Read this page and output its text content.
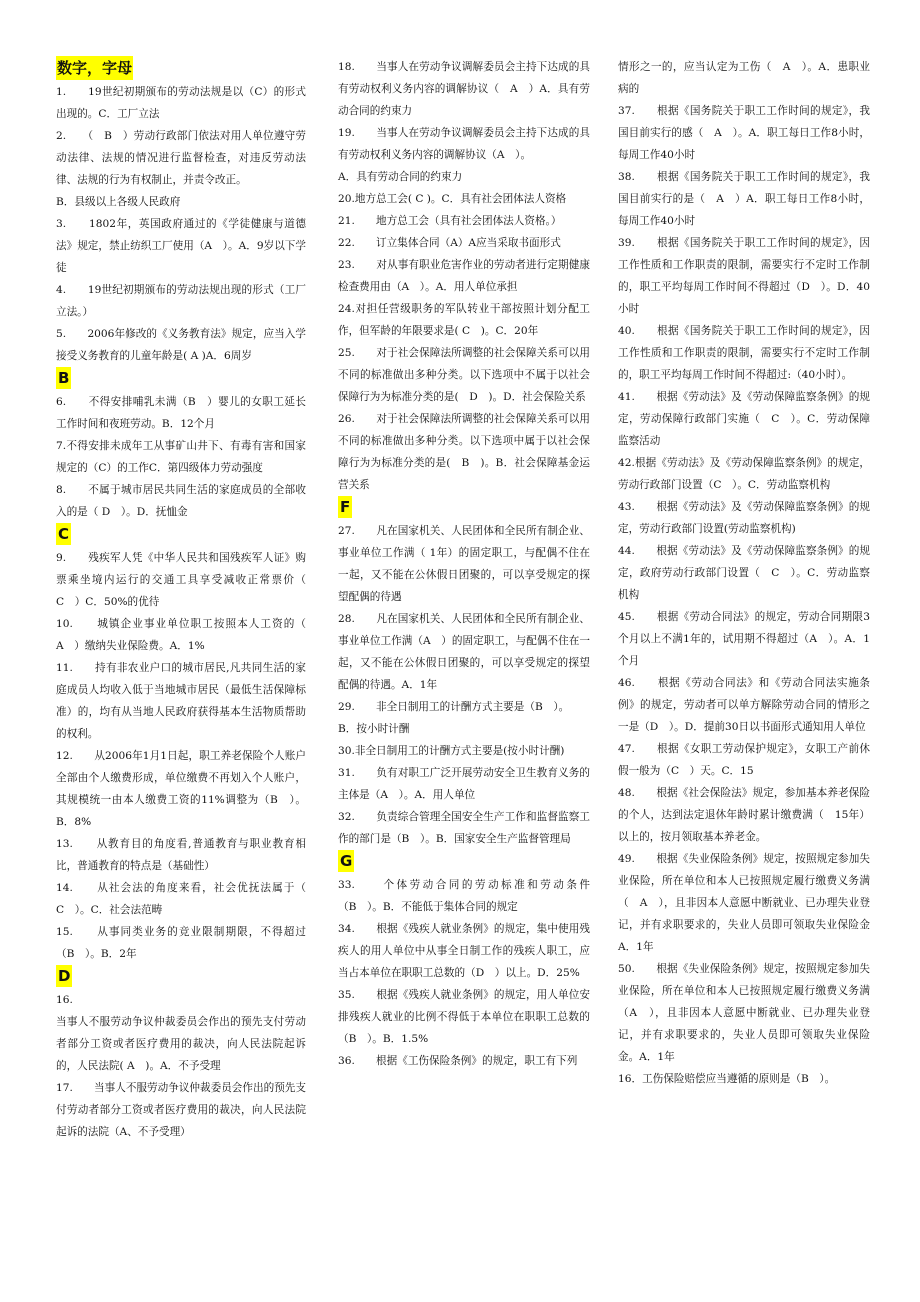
数字，字母

1.　　19世纪初期颁布的劳动法规是以（C）的形式出现的。C．工厂立法

2.　　（　B　）劳动行政部门依法对用人单位遵守劳动法律、法规的情况进行监督检查，对违反劳动法律、法规的行为有权制止，并责令改正。

B．县级以上各级人民政府

3.　　1802年，英国政府通过的《学徒健康与道德法》规定，禁止纺织工厂使用（A　）。A．9岁以下学徒

4.　　19世纪初期颁布的劳动法规出现的形式（工厂立法。）

5.　　2006年修改的《义务教育法》规定，应当入学接受义务教育的儿童年龄是( A )A．6周岁

B

6.　　不得安排哺乳未满（B　）婴儿的女职工延长工作时间和夜班劳动。B．12个月

7.不得安排未成年工从事矿山井下、有毒有害和国家规定的（C）的工作C．第四级体力劳动强度

8.　　不属于城市居民共同生活的家庭成员的全部收入的是（ D　）。D．抚恤金

C

9.　　残疾军人凭《中华人民共和国残疾军人证》购票乘坐境内运行的交通工具享受减收正常票价（　C　）C．50%的优待

10.　　城镇企业事业单位职工按照本人工资的（ A　）缴纳失业保险费。A．1%

11.　　持有非农业户口的城市居民,凡共同生活的家庭成员人均收入低于当地城市居民（最低生活保障标准）的，均有从当地人民政府获得基本生活物质帮助的权利。

12.　　从2006年1月1日起，职工养老保险个人账户全部由个人缴费形成，单位缴费不再划入个人账户，其规模统一由本人缴费工资的11%调整为（B　）。B．8%

13.　　从教育目的角度看,普通教育与职业教育相比，普通教育的特点是（基础性）

14.　　从社会法的角度来看，社会优抚法属于（　C　）。C．社会法范畴

15.　　从事同类业务的竞业限制期限，不得超过（B　）。B．2年

D

16.

当事人不服劳动争议仲裁委员会作出的预先支付劳动者部分工资或者医疗费用的裁决，向人民法院起诉的，人民法院( A　)。A．不予受理

17.　　当事人不服劳动争议仲裁委员会作出的预先支付劳动者部分工资或者医疗费用的裁决，向人民法院起诉的法院（A、不予受理）

18.　　当事人在劳动争议调解委员会主持下达成的具有劳动权利义务内容的调解协议（　A　）A．具有劳动合同的约束力

19.　　当事人在劳动争议调解委员会主持下达成的具有劳动权利义务内容的调解协议（A　）。

A．具有劳动合同的约束力

20.地方总工会( C )。C．具有社会团体法人资格

21.　　地方总工会（具有社会团体法人资格。）

22.　　订立集体合同（A）A应当采取书面形式

23.　　对从事有职业危害作业的劳动者进行定期健康检查费用由（A　）。A．用人单位承担

24.对担任营级职务的军队转业干部按照计划分配工作，但军龄的年限要求是( C　)。C．20年

25.　　对于社会保障法所调整的社会保障关系可以用不同的标准做出多种分类。以下选项中不属于以社会保障行为为标准分类的是(　D　)。D．社会保险关系

26.　　对于社会保障法所调整的社会保障关系可以用不同的标准做出多种分类。以下选项中属于以社会保障行为为标准分类的是(　B　)。B．社会保障基金运营关系

F

27.　　凡在国家机关、人民团体和全民所有制企业、事业单位工作满（ 1年）的固定职工，与配偶不住在一起，又不能在公休假日团聚的，可以享受规定的探望配偶的待遇

28.　　凡在国家机关、人民团体和全民所有制企业、事业单位工作满（A　）的固定职工，与配偶不住在一起，又不能在公休假日团聚的，可以享受规定的探望配偶的待遇。A．1年

29.　　非全日制用工的计酬方式主要是（B　）。

B．按小时计酬

30.非全日制用工的计酬方式主要是(按小时计酬)

31.　　负有对职工广泛开展劳动安全卫生教育义务的主体是（A　）。A．用人单位

32.　　负责综合管理全国安全生产工作和监督监察工作的部门是（B　）。B．国家安全生产监督管理局

G

33.　　个体劳动合同的劳动标准和劳动条件（B　）。B．不能低于集体合同的规定

34.　　根据《残疾人就业条例》的规定，集中使用残疾人的用人单位中从事全日制工作的残疾人职工，应当占本单位在职职工总数的（D　）以上。D．25%

35.　　根据《残疾人就业条例》的规定，用人单位安排残疾人就业的比例不得低于本单位在职职工总数的（B　）。B．1.5%

36.　　根据《工伤保险条例》的规定，职工有下列

情形之一的，应当认定为工伤（　A　）。A．患职业病的

37.　　根据《国务院关于职工工作时间的规定》，我国目前实行的感（　A　）。A．职工每日工作8小时，每周工作40小时

38.　　根据《国务院关于职工工作时间的规定》，我国目前实行的是（　A　）A．职工每日工作8小时，每周工作40小时

39.　　根据《国务院关于职工工作时间的规定》，因工作性质和工作职责的限制，需要实行不定时工作制的，职工平均每周工作时间不得超过（D　）。D．40小时

40.　　根据《国务院关于职工工作时间的规定》，因工作性质和工作职责的限制，需要实行不定时工作制的，职工平均每周工作时间不得超过:（40小时）。

41.　　根据《劳动法》及《劳动保障监察条例》的规定，劳动保障行政部门实施（　C　）。C．劳动保障监察活动

42.根据《劳动法》及《劳动保障监察条例》的规定，劳动行政部门设置（C　）。C．劳动监察机构

43.　　根据《劳动法》及《劳动保障监察条例》的规定，劳动行政部门设置(劳动监察机构)

44.　　根据《劳动法》及《劳动保障监察条例》的规定，政府劳动行政部门设置（　C　）。C．劳动监察机构

45.　　根据《劳动合同法》的规定，劳动合同期限3个月以上不满1年的，试用期不得超过（A　）。A．1个月

46.　　根据《劳动合同法》和《劳动合同法实施条例》的规定，劳动者可以单方解除劳动合同的情形之一是（D　）。D．提前30日以书面形式通知用人单位

47.　　根据《女职工劳动保护规定》，女职工产前休假一般为（C　）天。C．15

48.　　根据《社会保险法》规定，参加基本养老保险的个人，达到法定退休年龄时累计缴费满（　15年）以上的，按月领取基本养老金。

49.　　根据《失业保险条例》规定，按照规定参加失业保险，所在单位和本人已按照规定履行缴费义务满（　A　），且非因本人意愿中断就业、已办理失业登记，并有求职要求的，失业人员即可领取失业保险金A．1年

50.　　根据《失业保险条例》规定，按照规定参加失业保险，所在单位和本人已按照规定履行缴费义务满（A　），且非因本人意愿中断就业、已办理失业登记，并有求职要求的，失业人员即可领取失业保险金。A．1年

16．工伤保险赔偿应当遵循的原则是（B　）。
